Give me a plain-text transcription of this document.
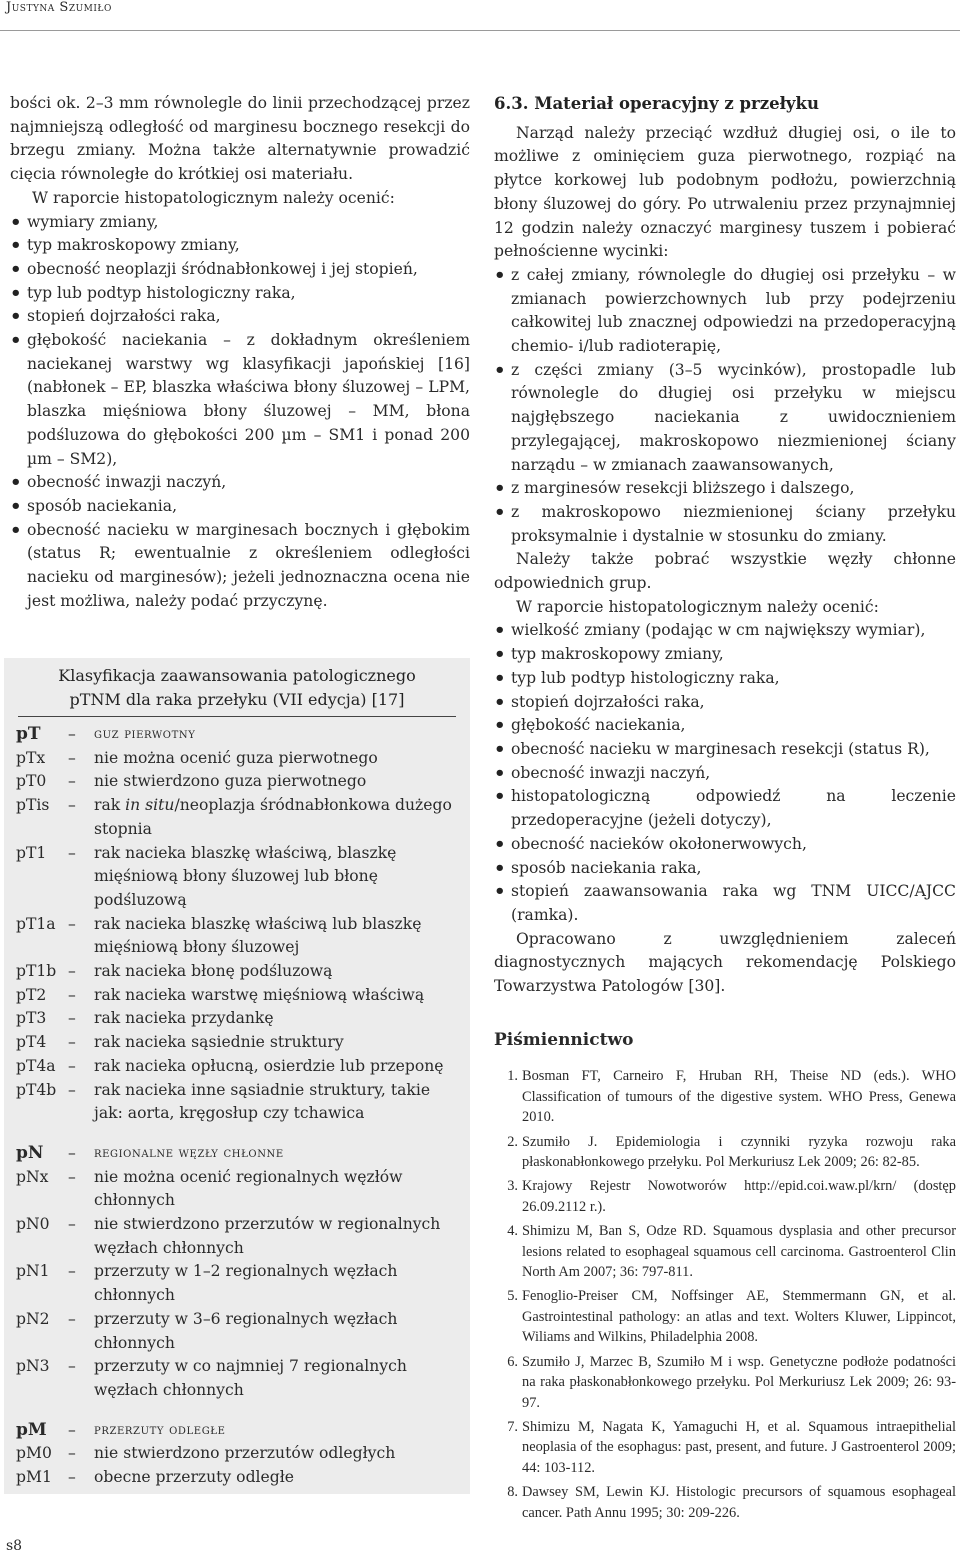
Justyna Szumiło

bości ok. 2–3 mm równolegle do linii przechodzącej przez najmniejszą odległość od marginesu bocznego resekcji do brzegu zmiany. Można także alternatywnie prowadzić cięcia równoległe do krótkiej osi materiału.

W raporcie histopatologicznym należy ocenić:

• wymiary zmiany,
• typ makroskopowy zmiany,
• obecność neoplazji śródnabłonkowej i jej stopień,
• typ lub podtyp histologiczny raka,
• stopień dojrzałości raka,
• głębokość naciekania – z dokładnym określeniem naciekanej warstwy wg klasyfikacji japońskiej [16] (nabłonek – EP, blaszka właściwa błony śluzowej – LPM, blaszka mięśniowa błony śluzowej – MM, błona podśluzowa do głębokości 200 µm – SM1 i ponad 200 µm – SM2),
• obecność inwazji naczyń,
• sposób naciekania,
• obecność nacieku w marginesach bocznych i głębokim (status R; ewentualnie z określeniem odległości nacieku od marginesów); jeżeli jednoznaczna ocena nie jest możliwa, należy podać przyczynę.
Klasyfikacja zaawansowania patologicznego
pTNM dla raka przełyku (VII edycja) [17]
pT	–	guz pierwotny
pTx	–	nie można ocenić guza pierwotnego
pT0	–	nie stwierdzono guza pierwotnego
pTis	–	rak in situ/neoplazja śródnabłonkowa dużego stopnia
pT1	–	rak nacieka blaszkę właściwą, blaszkę mięśniową błony śluzowej lub błonę podśluzową
pT1a –	rak nacieka blaszkę właściwą lub blaszkę mięśniową błony śluzowej
pT1b –	rak nacieka błonę podśluzową
pT2	–	rak nacieka warstwę mięśniową właściwą
pT3	–	rak nacieka przydankę
pT4	–	rak nacieka sąsiednie struktury
pT4a –	rak nacieka opłucną, osierdzie lub przeponę
pT4b –	rak nacieka inne sąsiadnie struktury, takie jak: aorta, kręgosłup czy tchawica
pN	–	regionalne węzły chłonne
pNx	–	nie można ocenić regionalnych węzłów chłonnych
pN0	–	nie stwierdzono przerzutów w regionalnych węzłach chłonnych
pN1	–	przerzuty w 1–2 regionalnych węzłach chłonnych
pN2	–	przerzuty w 3–6 regionalnych węzłach chłonnych
pN3	–	przerzuty w co najmniej 7 regionalnych węzłach chłonnych
pM	–	przerzuty odległe
pM0	–	nie stwierdzono przerzutów odległych
pM1	–	obecne przerzuty odległe
6.3. Materiał operacyjny z przełyku

Narząd należy przeciąć wzdłuż długiej osi, o ile to możliwe z ominięciem guza pierwotnego, rozpiąć na płytce korkowej lub podobnym podłożu, powierzchnią błony śluzowej do góry. Po utrwaleniu przez przynajmniej 12 godzin należy oznaczyć marginesy tuszem i pobierać pełnościenne wycinki:

• z całej zmiany, równolegle do długiej osi przełyku – w zmianach powierzchownych lub przy podejrzeniu całkowitej lub znacznej odpowiedzi na przedoperacyjną chemio- i/lub radioterapię,
• z części zmiany (3–5 wycinków), prostopadle lub równolegle do długiej osi przełyku w miejscu najgłębszego naciekania z uwidocznieniem przylegającej, makroskopowo niezmienionej ściany narządu – w zmianach zaawansowanych,
• z marginesów resekcji bliższego i dalszego,
• z makroskopowo niezmienionej ściany przełyku proksymalnie i dystalnie w stosunku do zmiany.

Należy także pobrać wszystkie węzły chłonne odpowiednich grup.

W raporcie histopatologicznym należy ocenić:

• wielkość zmiany (podając w cm największy wymiar),
• typ makroskopowy zmiany,
• typ lub podtyp histologiczny raka,
• stopień dojrzałości raka,
• głębokość naciekania,
• obecność nacieku w marginesach resekcji (status R),
• obecność inwazji naczyń,
• histopatologiczną odpowiedź na leczenie przedoperacyjne (jeżeli dotyczy),
• obecność nacieków okołonerwowych,
• sposób naciekania raka,
• stopień zaawansowania raka wg TNM UICC/AJCC (ramka).

Opracowano z uwzględnieniem zaleceń diagnostycznych mających rekomendację Polskiego Towarzystwa Patologów [30].

Piśmiennictwo
1. Bosman FT, Carneiro F, Hruban RH, Theise ND (eds.). WHO Classification of tumours of the digestive system. WHO Press, Genewa 2010.
2. Szumiło J. Epidemiologia i czynniki ryzyka rozwoju raka płaskonabłonkowego przełyku. Pol Merkuriusz Lek 2009; 26: 82-85.
3. Krajowy Rejestr Nowotworów http://epid.coi.waw.pl/krn/ (dostęp 26.09.2112 r.).
4. Shimizu M, Ban S, Odze RD. Squamous dysplasia and other precursor lesions related to esophageal squamous cell carcinoma. Gastroenterol Clin North Am 2007; 36: 797-811.
5. Fenoglio-Preiser CM, Noffsinger AE, Stemmermann GN, et al. Gastrointestinal pathology: an atlas and text. Wolters Kluwer, Lippincot, Wiliams and Wilkins, Philadelphia 2008.
6. Szumiło J, Marzec B, Szumiło M i wsp. Genetyczne podłoże podatności na raka płaskonabłonkowego przełyku. Pol Merkuriusz Lek 2009; 26: 93-97.
7. Shimizu M, Nagata K, Yamaguchi H, et al. Squamous intraepithelial neoplasia of the esophagus: past, present, and future. J Gastroenterol 2009; 44: 103-112.
8. Dawsey SM, Lewin KJ. Histologic precursors of squamous esophageal cancer. Path Annu 1995; 30: 209-226.
s8
